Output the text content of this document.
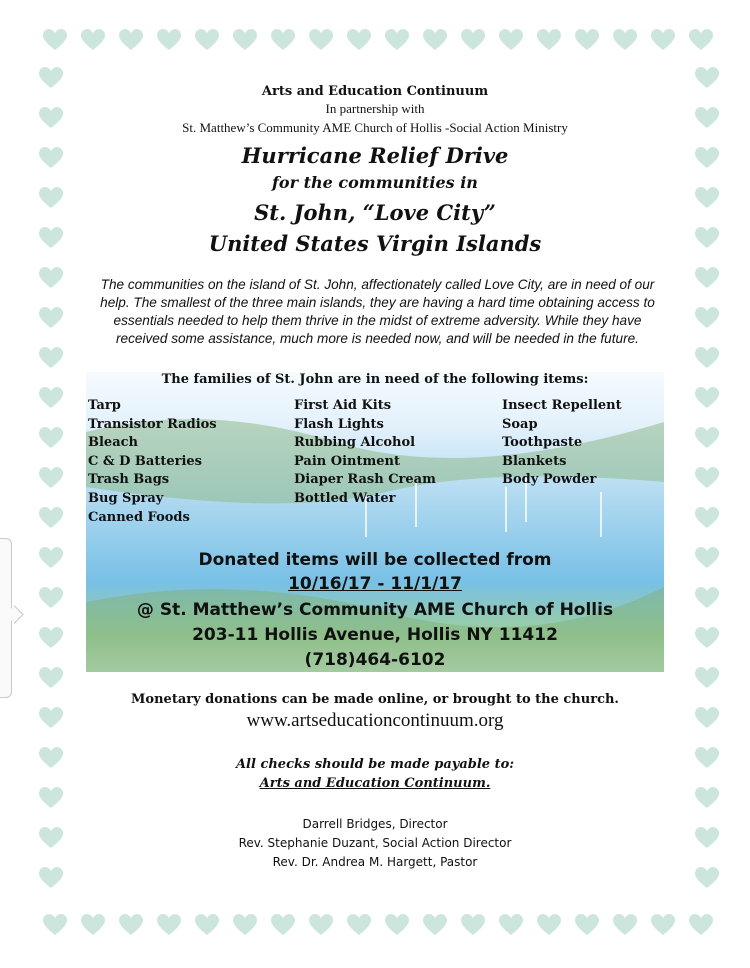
Arts and Education Continuum
In partnership with
St. Matthew’s Community AME Church of Hollis -Social Action Ministry
Hurricane Relief Drive
for the communities in
St. John, “Love City”
United States Virgin Islands
The communities on the island of St. John, affectionately called Love City, are in need of our help. The smallest of the three main islands, they are having a hard time obtaining access to essentials needed to help them thrive in the midst of extreme adversity. While they have received some assistance, much more is needed now, and will be needed in the future.
The families of St. John are in need of the following items:
Tarp
Transistor Radios
Bleach
C & D Batteries
Trash Bags
Bug Spray
Canned Foods
First Aid Kits
Flash Lights
Rubbing Alcohol
Pain Ointment
Diaper Rash Cream
Bottled Water
Insect Repellent
Soap
Toothpaste
Blankets
Body Powder
Donated items will be collected from
10/16/17 - 11/1/17
@ St. Matthew’s Community AME Church of Hollis
203-11 Hollis Avenue, Hollis NY 11412
(718)464-6102
Monetary donations can be made online, or brought to the church.
www.artseducationcontinuum.org
All checks should be made payable to:
Arts and Education Continuum.
Darrell Bridges, Director
Rev. Stephanie Duzant, Social Action Director
Rev. Dr. Andrea M. Hargett, Pastor
